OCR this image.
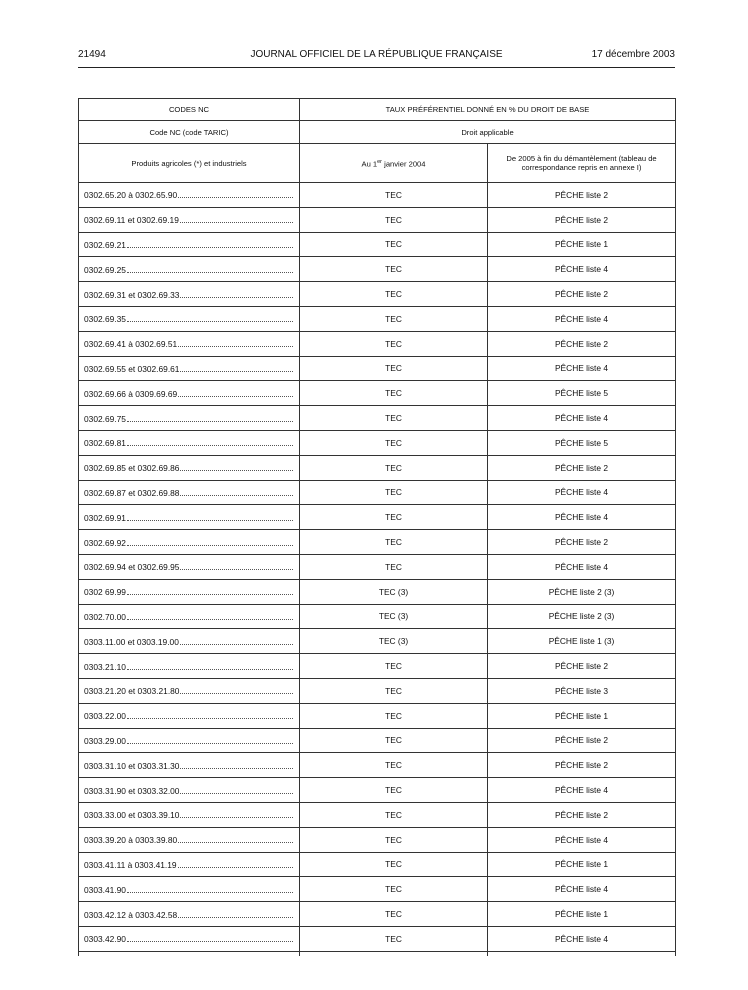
21494	JOURNAL OFFICIEL DE LA RÉPUBLIQUE FRANÇAISE	17 décembre 2003
CODES NC	TAUX PRÉFÉRENTIEL DONNÉ EN % DU DROIT DE BASE	
Code NC (code TARIC)	Droit applicable	
Produits agricoles (*) et industriels	Au 1er janvier 2004	De 2005 à fin du démantèlement (tableau de correspondance repris en annexe I)

0302.65.20 à 0302.65.90	TEC	PÊCHE liste 2

0302.69.11 et 0302.69.19	TEC	PÊCHE liste 2

0302.69.21	TEC	PÊCHE liste 1

0302.69.25	TEC	PÊCHE liste 4

0302.69.31 et 0302.69.33	TEC	PÊCHE liste 2

0302.69.35	TEC	PÊCHE liste 4

0302.69.41 à 0302.69.51	TEC	PÊCHE liste 2

0302.69.55 et 0302.69.61	TEC	PÊCHE liste 4

0302.69.66 à 0309.69.69	TEC	PÊCHE liste 5

0302.69.75	TEC	PÊCHE liste 4

0302.69.81	TEC	PÊCHE liste 5

0302.69.85 et 0302.69.86	TEC	PÊCHE liste 2

0302.69.87 et 0302.69.88	TEC	PÊCHE liste 4

0302.69.91	TEC	PÊCHE liste 4

0302.69.92	TEC	PÊCHE liste 2

0302.69.94 et 0302.69.95	TEC	PÊCHE liste 4

0302 69.99	TEC (3)	PÊCHE liste 2 (3)

0302.70.00	TEC (3)	PÊCHE liste 2 (3)

0303.11.00 et 0303.19.00	TEC (3)	PÊCHE liste 1 (3)

0303.21.10	TEC	PÊCHE liste 2

0303.21.20 et 0303.21.80	TEC	PÊCHE liste 3

0303.22.00	TEC	PÊCHE liste 1

0303.29.00	TEC	PÊCHE liste 2

0303.31.10 et 0303.31.30	TEC	PÊCHE liste 2

0303.31.90 et 0303.32.00	TEC	PÊCHE liste 4

0303.33.00 et 0303.39.10	TEC	PÊCHE liste 2

0303.39.20 à 0303.39.80	TEC	PÊCHE liste 4

0303.41.11 à 0303.41.19	TEC	PÊCHE liste 1

0303.41.90	TEC	PÊCHE liste 4

0303.42.12 à 0303.42.58	TEC	PÊCHE liste 1

0303.42.90	TEC	PÊCHE liste 4
